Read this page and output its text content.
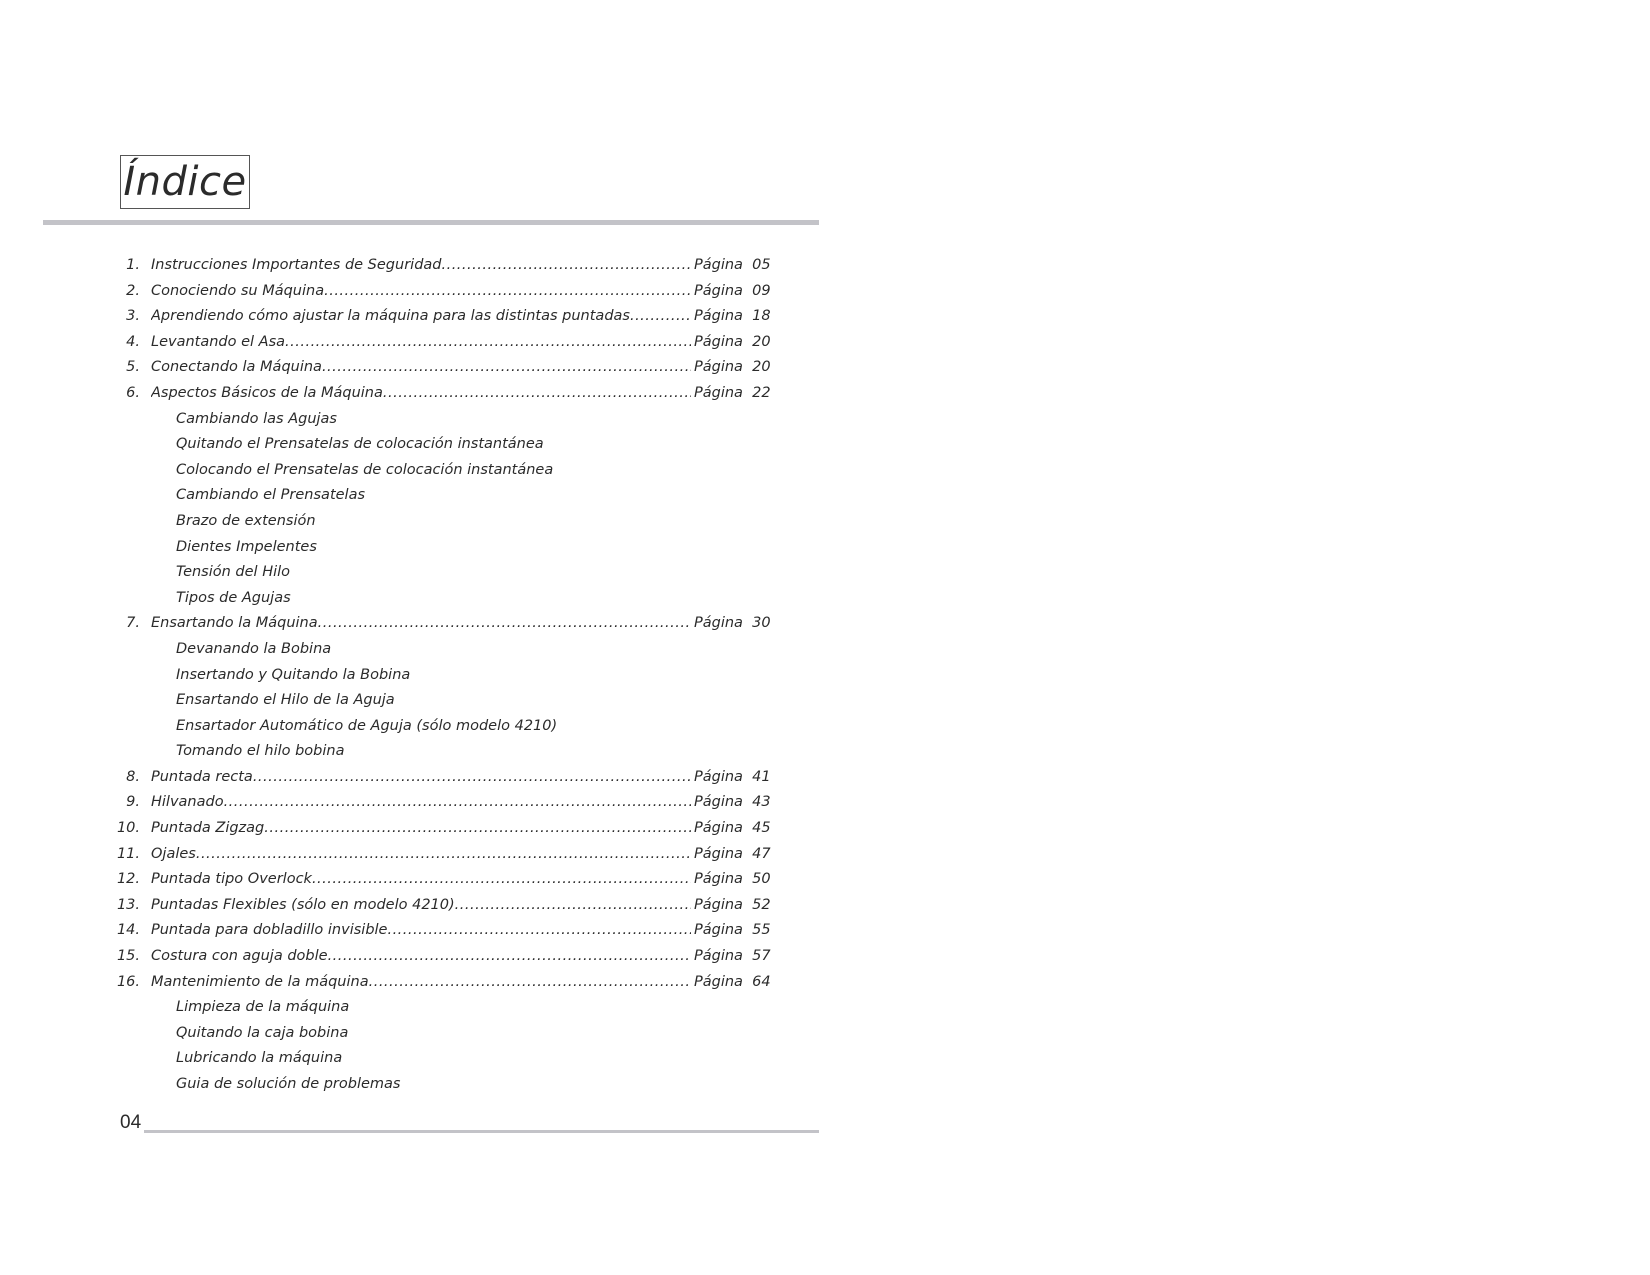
Índice
1. Instrucciones Importantes de Seguridad .....	Página 05
2. Conociendo su Máquina .....	Página 09
3. Aprendiendo cómo ajustar la máquina para las distintas puntadas .....	Página 18
4. Levantando el Asa .....	Página 20
5. Conectando la Máquina .....	Página 20
6. Aspectos Básicos de la Máquina .....	Página 22
Cambiando las Agujas
Quitando el Prensatelas de colocación instantánea
Colocando el Prensatelas de colocación instantánea
Cambiando el Prensatelas
Brazo de extensión
Dientes Impelentes
Tensión del Hilo
Tipos de Agujas
7. Ensartando la Máquina .....	Página 30
Devanando la Bobina
Insertando y Quitando la Bobina
Ensartando el Hilo de la Aguja
Ensartador Automático de Aguja (sólo modelo 4210)
Tomando el hilo bobina
8. Puntada recta .....	Página 41
9. Hilvanado .....	Página 43
10. Puntada Zigzag .....	Página 45
11. Ojales .....	Página 47
12. Puntada tipo Overlock .....	Página 50
13. Puntadas Flexibles (sólo en modelo 4210) .....	Página 52
14. Puntada para dobladillo invisible .....	Página 55
15. Costura con aguja doble .....	Página 57
16. Mantenimiento de la máquina .....	Página 64
Limpieza de la máquina
Quitando la caja bobina
Lubricando la máquina
Guia de solución de problemas
04
